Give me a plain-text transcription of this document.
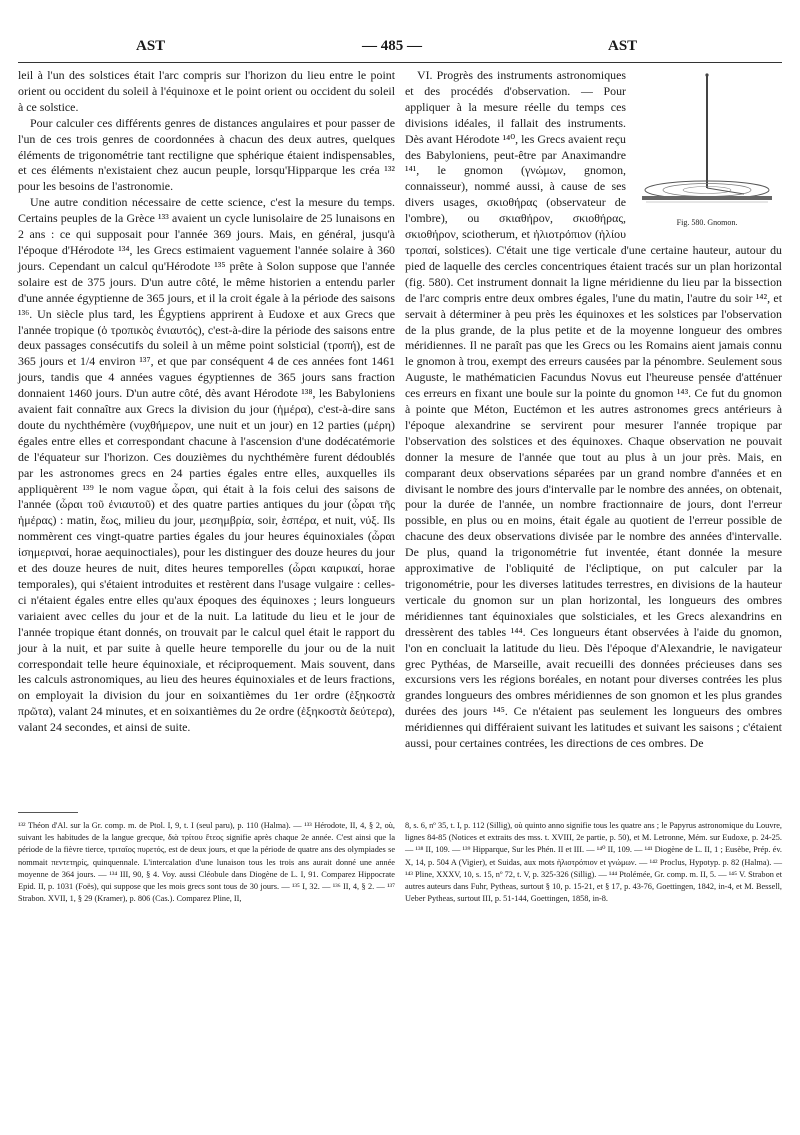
AST	— 485 —	AST

leil à l'un des solstices était l'arc compris sur l'horizon du lieu entre le point orient ou occident du soleil à l'équinoxe et le point orient ou occident du soleil à ce solstice.

Pour calculer ces différents genres de distances angulaires et pour passer de l'un de ces trois genres de coordonnées à chacun des deux autres, quelques éléments de trigonométrie tant rectiligne que sphérique étaient indispensables, et ces éléments n'existaient chez aucun peuple, lorsqu'Hipparque les créa ¹³² pour les besoins de l'astronomie.

Une autre condition nécessaire de cette science, c'est la mesure du temps. Certains peuples de la Grèce ¹³³ avaient un cycle lunisolaire de 25 lunaisons en 2 ans : ce qui supposait pour l'année 369 jours. Mais, en général, jusqu'à l'époque d'Hérodote ¹³⁴, les Grecs estimaient vaguement l'année solaire à 360 jours. Cependant un calcul qu'Hérodote ¹³⁵ prête à Solon suppose que l'année solaire est de 375 jours. D'un autre côté, le même historien a entendu parler d'une année égyptienne de 365 jours, et il la croit égale à la période des saisons ¹³⁶. Un siècle plus tard, les Égyptiens apprirent à Eudoxe et aux Grecs que l'année tropique (ὁ τροπικὸς ἐνιαυτός), c'est-à-dire la période des saisons entre deux passages consécutifs du soleil à un même point solsticial (τροπή), est de 365 jours et 1/4 environ ¹³⁷, et que par conséquent 4 de ces années font 1461 jours, tandis que 4 années vagues égyptiennes de 365 jours sans fraction donnaient 1460 jours. D'un autre côté, dès avant Hérodote ¹³⁸, les Babyloniens avaient fait connaître aux Grecs la division du jour (ἡμέρα), c'est-à-dire sans doute du nychthémère (νυχθήμερον, une nuit et un jour) en 12 parties (μέρη) égales entre elles et correspondant chacune à l'ascension d'une dodécatémorie de l'équateur sur l'horizon. Ces douzièmes du nychthémère furent dédoublés par les astronomes grecs en 24 parties égales entre elles, auxquelles ils appliquèrent ¹³⁹ le nom vague ὧραι, qui était à la fois celui des saisons de l'année (ὧραι τοῦ ἐνιαυτοῦ) et des quatre parties antiques du jour (ὧραι τῆς ἡμέρας) : matin, ἕως, milieu du jour, μεσημβρία, soir, ἑσπέρα, et nuit, νύξ. Ils nommèrent ces vingt-quatre parties égales du jour heures équinoxiales (ὧραι ἰσημεριναί, horae aequinoctiales), pour les distinguer des douze heures du jour et des douze heures de nuit, dites heures temporelles (ὧραι καιρικαί, horae temporales), qui s'étaient introduites et restèrent dans l'usage vulgaire : celles-ci n'étaient égales entre elles qu'aux époques des équinoxes ; leurs longueurs variaient avec celles du jour et de la nuit. La latitude du lieu et le jour de l'année tropique étant donnés, on trouvait par le calcul quel était le rapport du jour à la nuit, et par suite à quelle heure temporelle du jour ou de la nuit correspondait telle heure équinoxiale, et réciproquement. Mais souvent, dans les calculs astronomiques, au lieu des heures équinoxiales et de leurs fractions, on employait la division du jour en soixantièmes du 1er ordre (ἑξηκοστὰ πρῶτα), valant 24 minutes, et en soixantièmes du 2e ordre (ἑξηκοστὰ δεύτερα), valant 24 secondes, et ainsi de suite.

Fig. 580. Gnomon.

VI. Progrès des instruments astronomiques et des procédés d'observation. — Pour appliquer à la mesure réelle du temps ces divisions idéales, il fallait des instruments. Dès avant Hérodote ¹⁴⁰, les Grecs avaient reçu des Babyloniens, peut-être par Anaximandre ¹⁴¹, le gnomon (γνώμων, gnomon, connaisseur), nommé aussi, à cause de ses divers usages, σκιοθήρας (observateur de l'ombre), ou σκιαθήρον, σκιοθήρας, σκιοθήρον, sciotherum, et ἡλιοτρόπιον (ἡλίου τροπαί, solstices). C'était une tige verticale d'une certaine hauteur, autour du pied de laquelle des cercles concentriques étaient tracés sur un plan horizontal (fig. 580). Cet instrument donnait la ligne méridienne du lieu par la bissection de l'arc compris entre deux ombres égales, l'une du matin, l'autre du soir ¹⁴², et servait à déterminer à peu près les équinoxes et les solstices par l'observation de la plus grande, de la plus petite et de la moyenne longueur des ombres méridiennes. Il ne paraît pas que les Grecs ou les Romains aient jamais connu le gnomon à trou, exempt des erreurs causées par la pénombre. Seulement sous Auguste, le mathématicien Facundus Novus eut l'heureuse pensée d'atténuer ces erreurs en fixant une boule sur la pointe du gnomon ¹⁴³. Ce fut du gnomon à pointe que Méton, Euctémon et les autres astronomes grecs antérieurs à l'époque alexandrine se servirent pour mesurer l'année tropique par l'observation des solstices et des équinoxes. Chaque observation ne pouvait donner la mesure de l'année que tout au plus à un jour près. Mais, en comparant deux observations séparées par un grand nombre d'années et en divisant le nombre des jours d'intervalle par le nombre des années, on obtenait, pour la durée de l'année, un nombre fractionnaire de jours, dont l'erreur possible, en plus ou en moins, était égale au quotient de l'erreur possible de chacune des deux observations divisée par le nombre des années d'intervalle. De plus, quand la trigonométrie fut inventée, étant donnée la mesure approximative de l'obliquité de l'écliptique, on put calculer par la trigonométrie, pour les diverses latitudes terrestres, en divisions de la hauteur verticale du gnomon sur un plan horizontal, les longueurs des ombres méridiennes tant équinoxiales que solsticiales, et les Grecs alexandrins en dressèrent des tables ¹⁴⁴. Ces longueurs étant observées à l'aide du gnomon, l'on en concluait la latitude du lieu. Dès l'époque d'Alexandrie, le navigateur grec Pythéas, de Marseille, avait recueilli des données précieuses dans ses excursions vers les régions boréales, en notant pour diverses contrées les plus grandes longueurs des ombres méridiennes de son gnomon et les plus grandes durées des jours ¹⁴⁵. Ce n'étaient pas seulement les longueurs des ombres méridiennes qui différaient suivant les latitudes et suivant les saisons ; c'étaient aussi, pour certaines contrées, les directions de ces ombres. De

¹³² Théon d'Al. sur la Gr. comp. m. de Ptol. I, 9, t. I (seul paru), p. 110 (Halma). — ¹³³ Hérodote, II, 4, § 2, où, suivant les habitudes de la langue grecque, διὰ τρίτου ἔτεος signifie après chaque 2e année. C'est ainsi que la période de la fièvre tierce, τριταῖος πυρετός, est de deux jours, et que la période de quatre ans des olympiades se nommait πεντετηρίς, quinquennale. L'intercalation d'une lunaison tous les trois ans aurait donné une année moyenne de 364 jours. — ¹³⁴ III, 90, § 4. Voy. aussi Cléobule dans Diogène de L. I, 91. Comparez Hippocrate Epid. II, p. 1031 (Foës), qui suppose que les mois grecs sont tous de 30 jours. — ¹³⁵ I, 32. — ¹³⁶ II, 4, § 2. — ¹³⁷ Strabon. XVII, 1, § 29 (Kramer), p. 806 (Cas.). Comparez Pline, II,
8, s. 6, nº 35, t. I, p. 112 (Sillig), où quinto anno signifie tous les quatre ans ; le Papyrus astronomique du Louvre, lignes 84-85 (Notices et extraits des mss. t. XVIII, 2e partie, p. 50), et M. Letronne, Mém. sur Eudoxe, p. 24-25. — ¹³⁸ II, 109. — ¹³⁹ Hipparque, Sur les Phén. II et III. — ¹⁴⁰ II, 109. — ¹⁴¹ Diogène de L. II, 1 ; Eusèbe, Prép. év. X, 14, p. 504 A (Vigier), et Suidas, aux mots ἡλιοτρόπιον et γνώμων. — ¹⁴² Proclus, Hypotyp. p. 82 (Halma). — ¹⁴³ Pline, XXXV, 10, s. 15, nº 72, t. V, p. 325-326 (Sillig). — ¹⁴⁴ Ptolémée, Gr. comp. m. II, 5. — ¹⁴⁵ V. Strabon et autres auteurs dans Fuhr, Pytheas, surtout § 10, p. 15-21, et § 17, p. 43-76, Goettingen, 1842, in-4, et M. Bessell, Ueber Pytheas, surtout III, p. 51-144, Goettingen, 1858, in-8.
